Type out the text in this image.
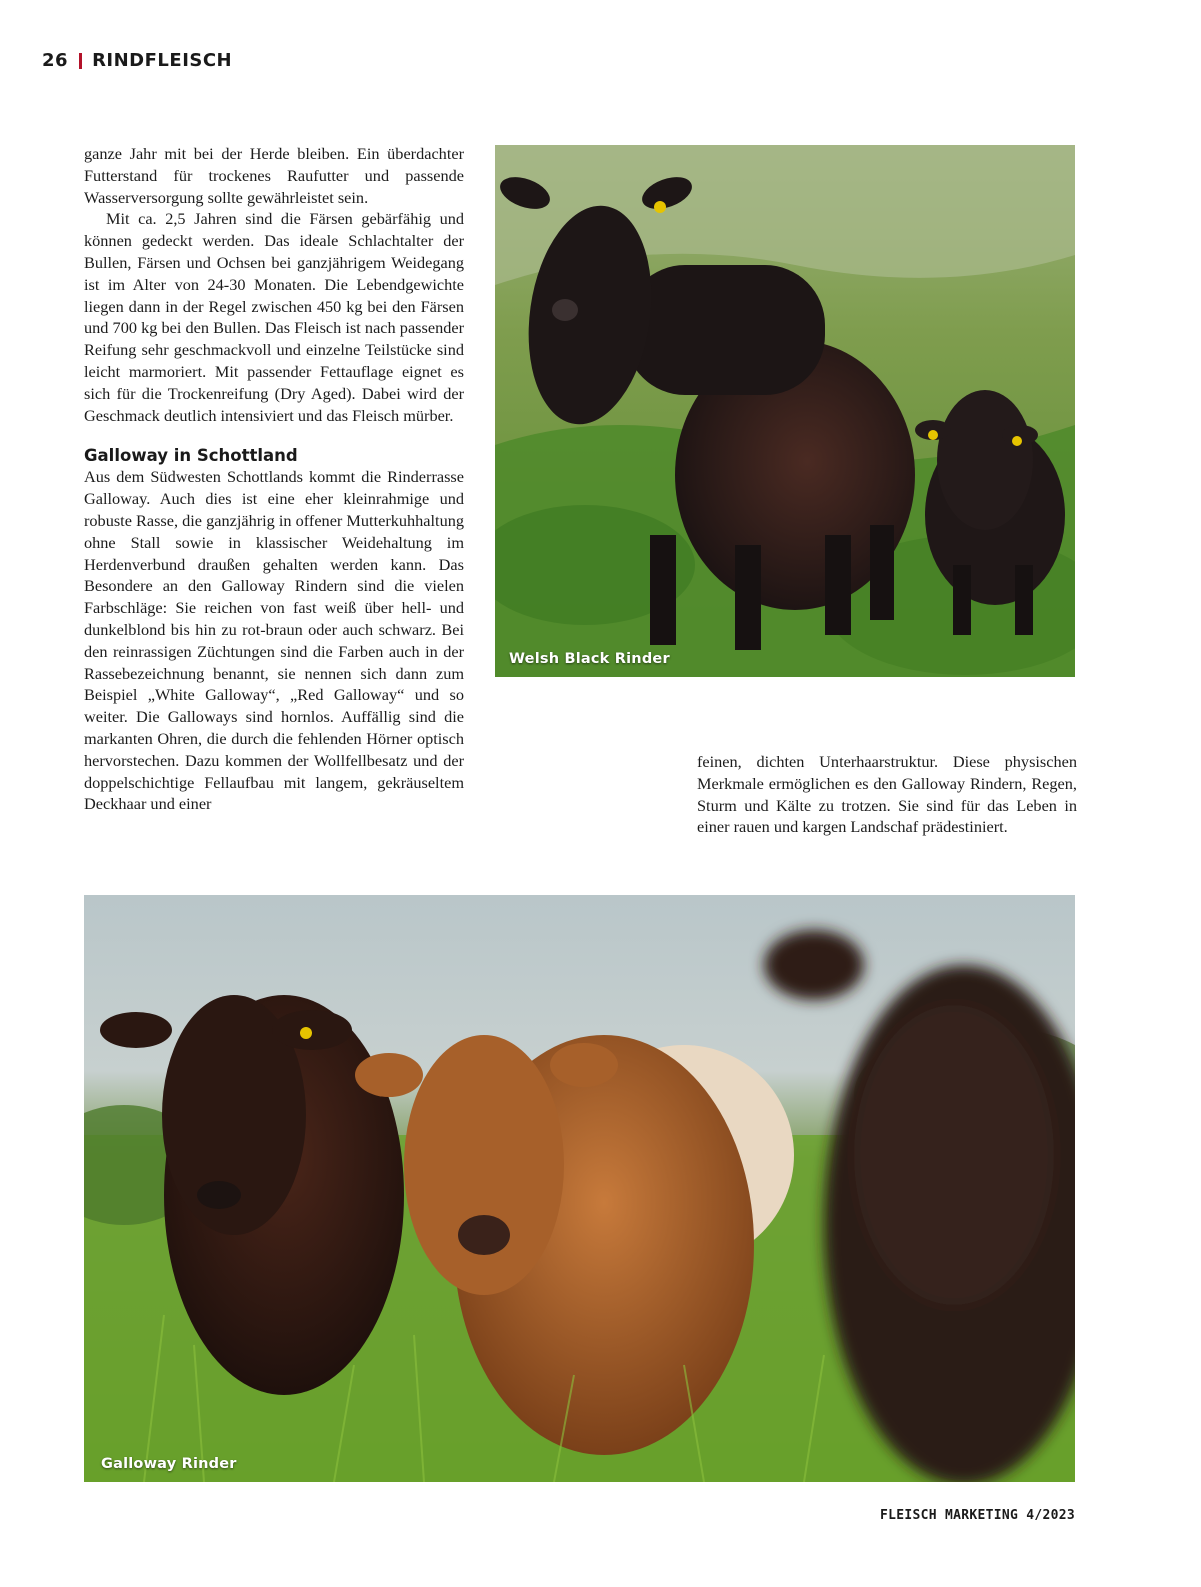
26 RINDFLEISCH

ganze Jahr mit bei der Herde bleiben. Ein überdachter Futterstand für trockenes Raufutter und passende Wasserversorgung sollte gewährleistet sein.

Mit ca. 2,5 Jahren sind die Färsen gebärfähig und können gedeckt werden. Das ideale Schlachtalter der Bullen, Färsen und Ochsen bei ganzjährigem Weidegang ist im Alter von 24-30 Monaten. Die Lebendgewichte liegen dann in der Regel zwischen 450 kg bei den Färsen und 700 kg bei den Bullen. Das Fleisch ist nach passender Reifung sehr geschmackvoll und einzelne Teilstücke sind leicht marmoriert. Mit passender Fettauflage eignet es sich für die Trockenreifung (Dry Aged). Dabei wird der Geschmack deutlich intensiviert und das Fleisch mürber.

Galloway in Schottland

Aus dem Südwesten Schottlands kommt die Rinderrasse Galloway. Auch dies ist eine eher kleinrahmige und robuste Rasse, die ganzjährig in offener Mutterkuhhaltung ohne Stall sowie in klassischer Weidehaltung im Herdenverbund draußen gehalten werden kann. Das Besondere an den Galloway Rindern sind die vielen Farbschläge: Sie reichen von fast weiß über hell- und dunkelblond bis hin zu rot-braun oder auch schwarz. Bei den reinrassigen Züchtungen sind die Farben auch in der Rassebezeichnung benannt, sie nennen sich dann zum Beispiel „White Galloway“, „Red Galloway“ und so weiter. Die Galloways sind hornlos. Auffällig sind die markanten Ohren, die durch die fehlenden Hörner optisch hervorstechen. Dazu kommen der Wollfellbesatz und der doppelschichtige Fellaufbau mit langem, gekräuseltem Deckhaar und einer

Welsh Black Rinder

feinen, dichten Unterhaarstruktur. Diese physischen Merkmale ermöglichen es den Galloway Rindern, Regen, Sturm und Kälte zu trotzen. Sie sind für das Leben in einer rauen und kargen Landschaf prädestiniert.

Galloway Rinder
FLEISCH MARKETING 4/2023
